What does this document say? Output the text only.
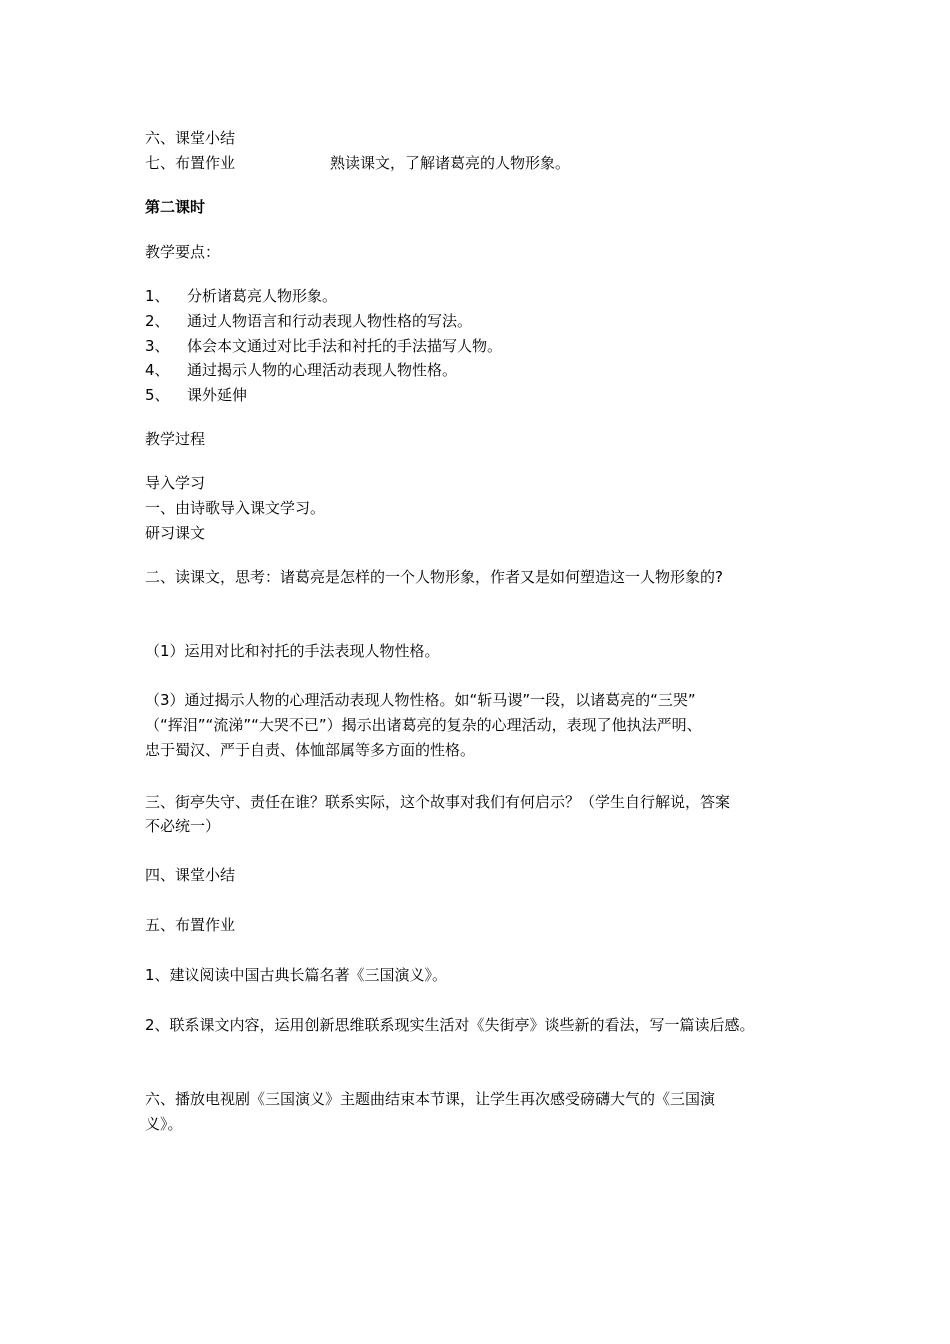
六、课堂小结
七、布置作业	熟读课文，了解诸葛亮的人物形象。
第二课时
教学要点：
1、 分析诸葛亮人物形象。
2、 通过人物语言和行动表现人物性格的写法。
3、 体会本文通过对比手法和衬托的手法描写人物。
4、 通过揭示人物的心理活动表现人物性格。
5、 课外延伸
教学过程
导入学习
一、由诗歌导入课文学习。
研习课文
二、读课文，思考：诸葛亮是怎样的一个人物形象，作者又是如何塑造这一人物形象的?
（1）运用对比和衬托的手法表现人物性格。
（3）通过揭示人物的心理活动表现人物性格。如“斩马谡”一段，以诸葛亮的“三哭”
（“挥泪”“流涕”“大哭不已”）揭示出诸葛亮的复杂的心理活动，表现了他执法严明、
忠于蜀汉、严于自责、体恤部属等多方面的性格。
三、街亭失守、责任在谁？联系实际，这个故事对我们有何启示？（学生自行解说，答案
不必统一）
四、课堂小结
五、布置作业
1、建议阅读中国古典长篇名著《三国演义》。
2、联系课文内容，运用创新思维联系现实生活对《失街亭》谈些新的看法，写一篇读后感。
六、播放电视剧《三国演义》主题曲结束本节课，让学生再次感受磅礴大气的《三国演
义》。
